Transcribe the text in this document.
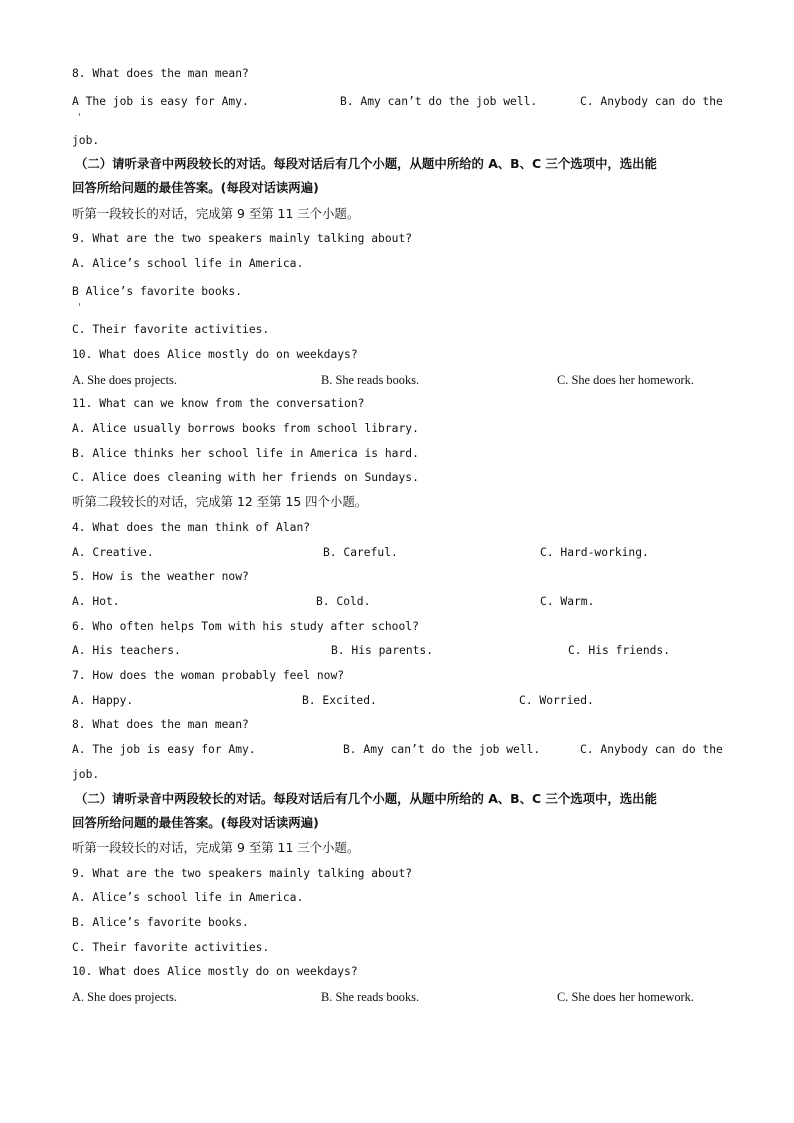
8. What does the man mean?
A The job is easy for Amy.	B. Amy can’t do the job well.	C. Anybody can do the
job.
（二）请听录音中两段较长的对话。每段对话后有几个小题，从题中所给的 A、B、C 三个选项中，选出能
回答所给问题的最佳答案。(每段对话读两遍)
听第一段较长的对话，完成第 9 至第 11 三个小题。
9. What are the two speakers mainly talking about?
A. Alice’s school life in America.
B Alice’s favorite books.
C. Their favorite activities.
10. What does Alice mostly do on weekdays?
A. She does projects.	B. She reads books.	C. She does her homework.
11. What can we know from the conversation?
A. Alice usually borrows books from school library.
B. Alice thinks her school life in America is hard.
C. Alice does cleaning with her friends on Sundays.
听第二段较长的对话，完成第 12 至第 15 四个小题。
4. What does the man think of Alan?
A. Creative.	B. Careful.	C. Hard-working.
5. How is the weather now?
A. Hot.	B. Cold.	C. Warm.
6. Who often helps Tom with his study after school?
A. His teachers.	B. His parents.	C. His friends.
7. How does the woman probably feel now?
A. Happy.	B. Excited.	C. Worried.
8. What does the man mean?
A. The job is easy for Amy.	B. Amy can’t do the job well.	C. Anybody can do the
job.
（二）请听录音中两段较长的对话。每段对话后有几个小题，从题中所给的 A、B、C 三个选项中，选出能
回答所给问题的最佳答案。(每段对话读两遍)
听第一段较长的对话，完成第 9 至第 11 三个小题。
9. What are the two speakers mainly talking about?
A. Alice’s school life in America.
B. Alice’s favorite books.
C. Their favorite activities.
10. What does Alice mostly do on weekdays?
A. She does projects.	B. She reads books.	C. She does her homework.
